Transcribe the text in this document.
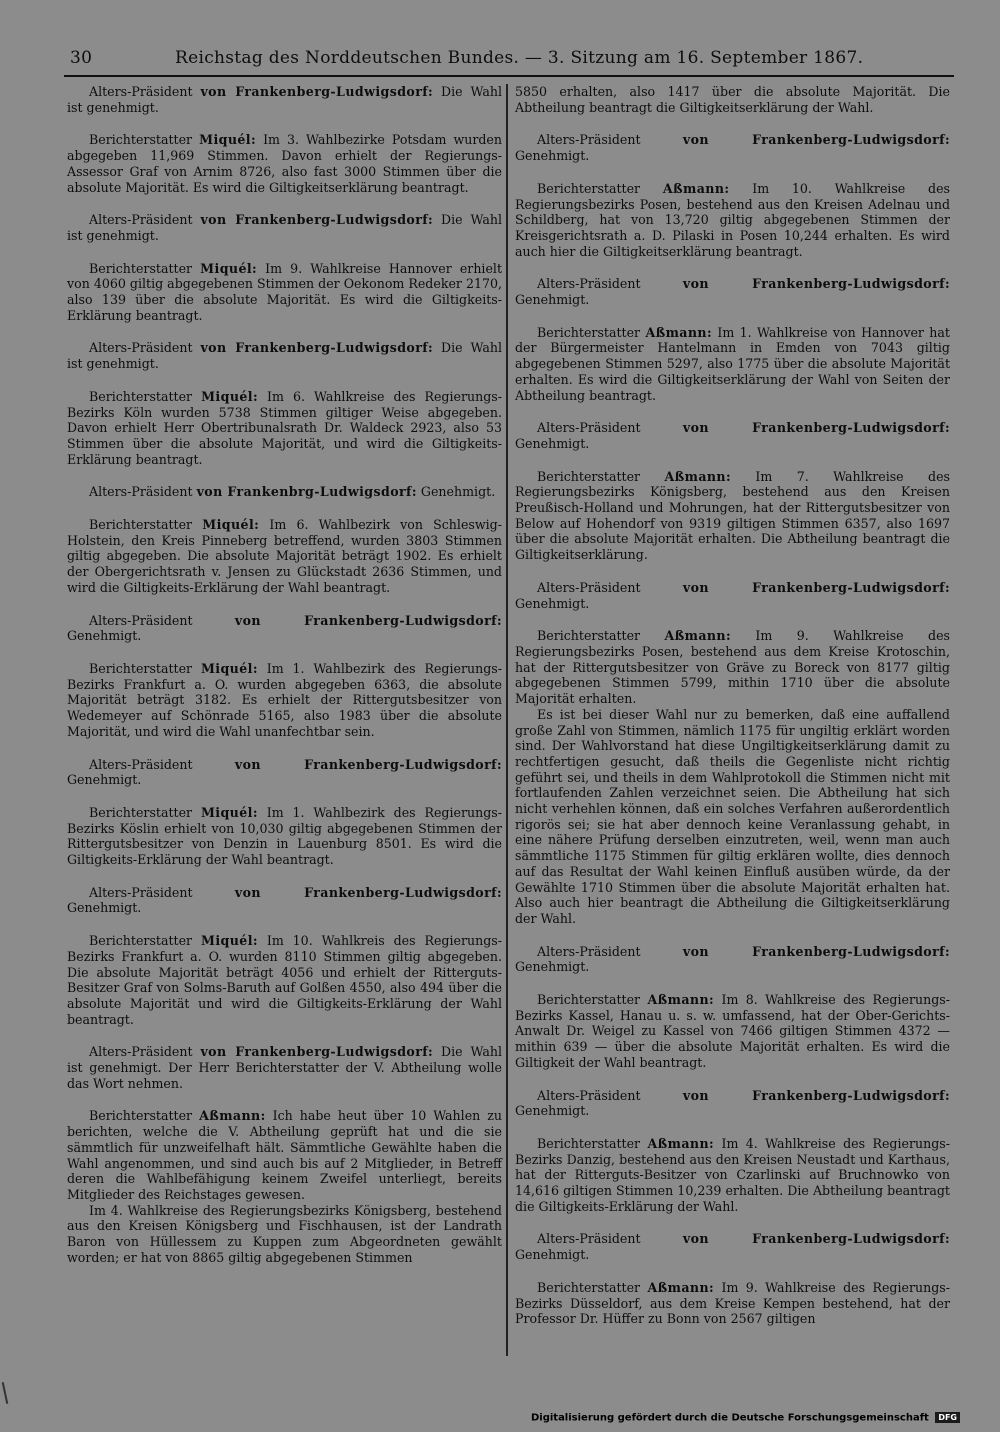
30	Reichstag des Norddeutschen Bundes. — 3. Sitzung am 16. September 1867.

Alters-Präsident von Frankenberg-Ludwigsdorf: Die Wahl ist genehmigt.

Berichterstatter Miquél: Im 3. Wahlbezirke Potsdam wurden abgegeben 11,969 Stimmen. Davon erhielt der Regierungs-Assessor Graf von Arnim 8726, also fast 3000 Stimmen über die absolute Majorität. Es wird die Giltigkeitserklärung beantragt.

Alters-Präsident von Frankenberg-Ludwigsdorf: Die Wahl ist genehmigt.

Berichterstatter Miquél: Im 9. Wahlkreise Hannover erhielt von 4060 giltig abgegebenen Stimmen der Oekonom Redeker 2170, also 139 über die absolute Majorität. Es wird die Giltigkeits-Erklärung beantragt.

Alters-Präsident von Frankenberg-Ludwigsdorf: Die Wahl ist genehmigt.

Berichterstatter Miquél: Im 6. Wahlkreise des Regierungs-Bezirks Köln wurden 5738 Stimmen giltiger Weise abgegeben. Davon erhielt Herr Obertribunalsrath Dr. Waldeck 2923, also 53 Stimmen über die absolute Majorität, und wird die Giltigkeits-Erklärung beantragt.

Alters-Präsident von Frankenbrg-Ludwigsdorf: Genehmigt.

Berichterstatter Miquél: Im 6. Wahlbezirk von Schleswig-Holstein, den Kreis Pinneberg betreffend, wurden 3803 Stimmen giltig abgegeben. Die absolute Majorität beträgt 1902. Es erhielt der Obergerichtsrath v. Jensen zu Glückstadt 2636 Stimmen, und wird die Giltigkeits-Erklärung der Wahl beantragt.

Alters-Präsident von Frankenberg-Ludwigsdorf: Genehmigt.

Berichterstatter Miquél: Im 1. Wahlbezirk des Regierungs-Bezirks Frankfurt a. O. wurden abgegeben 6363, die absolute Majorität beträgt 3182. Es erhielt der Rittergutsbesitzer von Wedemeyer auf Schönrade 5165, also 1983 über die absolute Majorität, und wird die Wahl unanfechtbar sein.

Alters-Präsident von Frankenberg-Ludwigsdorf: Genehmigt.

Berichterstatter Miquél: Im 1. Wahlbezirk des Regierungs-Bezirks Köslin erhielt von 10,030 giltig abgegebenen Stimmen der Rittergutsbesitzer von Denzin in Lauenburg 8501. Es wird die Giltigkeits-Erklärung der Wahl beantragt.

Alters-Präsident von Frankenberg-Ludwigsdorf: Genehmigt.

Berichterstatter Miquél: Im 10. Wahlkreis des Regierungs-Bezirks Frankfurt a. O. wurden 8110 Stimmen giltig abgegeben. Die absolute Majorität beträgt 4056 und erhielt der Ritterguts-Besitzer Graf von Solms-Baruth auf Golßen 4550, also 494 über die absolute Majorität und wird die Giltigkeits-Erklärung der Wahl beantragt.

Alters-Präsident von Frankenberg-Ludwigsdorf: Die Wahl ist genehmigt. Der Herr Berichterstatter der V. Abtheilung wolle das Wort nehmen.

Berichterstatter Aßmann: Ich habe heut über 10 Wahlen zu berichten, welche die V. Abtheilung geprüft hat und die sie sämmtlich für unzweifelhaft hält. Sämmtliche Gewählte haben die Wahl angenommen, und sind auch bis auf 2 Mitglieder, in Betreff deren die Wahlbefähigung keinem Zweifel unterliegt, bereits Mitglieder des Reichstages gewesen.

Im 4. Wahlkreise des Regierungsbezirks Königsberg, bestehend aus den Kreisen Königsberg und Fischhausen, ist der Landrath Baron von Hüllessem zu Kuppen zum Abgeordneten gewählt worden; er hat von 8865 giltig abgegebenen Stimmen

5850 erhalten, also 1417 über die absolute Majorität. Die Abtheilung beantragt die Giltigkeitserklärung der Wahl.

Alters-Präsident von Frankenberg-Ludwigsdorf: Genehmigt.

Berichterstatter Aßmann: Im 10. Wahlkreise des Regierungsbezirks Posen, bestehend aus den Kreisen Adelnau und Schildberg, hat von 13,720 giltig abgegebenen Stimmen der Kreisgerichtsrath a. D. Pilaski in Posen 10,244 erhalten. Es wird auch hier die Giltigkeitserklärung beantragt.

Alters-Präsident von Frankenberg-Ludwigsdorf: Genehmigt.

Berichterstatter Aßmann: Im 1. Wahlkreise von Hannover hat der Bürgermeister Hantelmann in Emden von 7043 giltig abgegebenen Stimmen 5297, also 1775 über die absolute Majorität erhalten. Es wird die Giltigkeitserklärung der Wahl von Seiten der Abtheilung beantragt.

Alters-Präsident von Frankenberg-Ludwigsdorf: Genehmigt.

Berichterstatter Aßmann: Im 7. Wahlkreise des Regierungsbezirks Königsberg, bestehend aus den Kreisen Preußisch-Holland und Mohrungen, hat der Rittergutsbesitzer von Below auf Hohendorf von 9319 giltigen Stimmen 6357, also 1697 über die absolute Majorität erhalten. Die Abtheilung beantragt die Giltigkeitserklärung.

Alters-Präsident von Frankenberg-Ludwigsdorf: Genehmigt.

Berichterstatter Aßmann: Im 9. Wahlkreise des Regierungsbezirks Posen, bestehend aus dem Kreise Krotoschin, hat der Rittergutsbesitzer von Gräve zu Boreck von 8177 giltig abgegebenen Stimmen 5799, mithin 1710 über die absolute Majorität erhalten.

Es ist bei dieser Wahl nur zu bemerken, daß eine auffallend große Zahl von Stimmen, nämlich 1175 für ungiltig erklärt worden sind. Der Wahlvorstand hat diese Ungiltigkeitserklärung damit zu rechtfertigen gesucht, daß theils die Gegenliste nicht richtig geführt sei, und theils in dem Wahlprotokoll die Stimmen nicht mit fortlaufenden Zahlen verzeichnet seien. Die Abtheilung hat sich nicht verhehlen können, daß ein solches Verfahren außerordentlich rigorös sei; sie hat aber dennoch keine Veranlassung gehabt, in eine nähere Prüfung derselben einzutreten, weil, wenn man auch sämmtliche 1175 Stimmen für giltig erklären wollte, dies dennoch auf das Resultat der Wahl keinen Einfluß ausüben würde, da der Gewählte 1710 Stimmen über die absolute Majorität erhalten hat. Also auch hier beantragt die Abtheilung die Giltigkeitserklärung der Wahl.

Alters-Präsident von Frankenberg-Ludwigsdorf: Genehmigt.

Berichterstatter Aßmann: Im 8. Wahlkreise des Regierungs-Bezirks Kassel, Hanau u. s. w. umfassend, hat der Ober-Gerichts-Anwalt Dr. Weigel zu Kassel von 7466 giltigen Stimmen 4372 — mithin 639 — über die absolute Majorität erhalten. Es wird die Giltigkeit der Wahl beantragt.

Alters-Präsident von Frankenberg-Ludwigsdorf: Genehmigt.

Berichterstatter Aßmann: Im 4. Wahlkreise des Regierungs-Bezirks Danzig, bestehend aus den Kreisen Neustadt und Karthaus, hat der Ritterguts-Besitzer von Czarlinski auf Bruchnowko von 14,616 giltigen Stimmen 10,239 erhalten. Die Abtheilung beantragt die Giltigkeits-Erklärung der Wahl.

Alters-Präsident von Frankenberg-Ludwigsdorf: Genehmigt.

Berichterstatter Aßmann: Im 9. Wahlkreise des Regierungs-Bezirks Düsseldorf, aus dem Kreise Kempen bestehend, hat der Professor Dr. Hüffer zu Bonn von 2567 giltigen

Digitalisierung gefördert durch die Deutsche Forschungsgemeinschaft DFG
